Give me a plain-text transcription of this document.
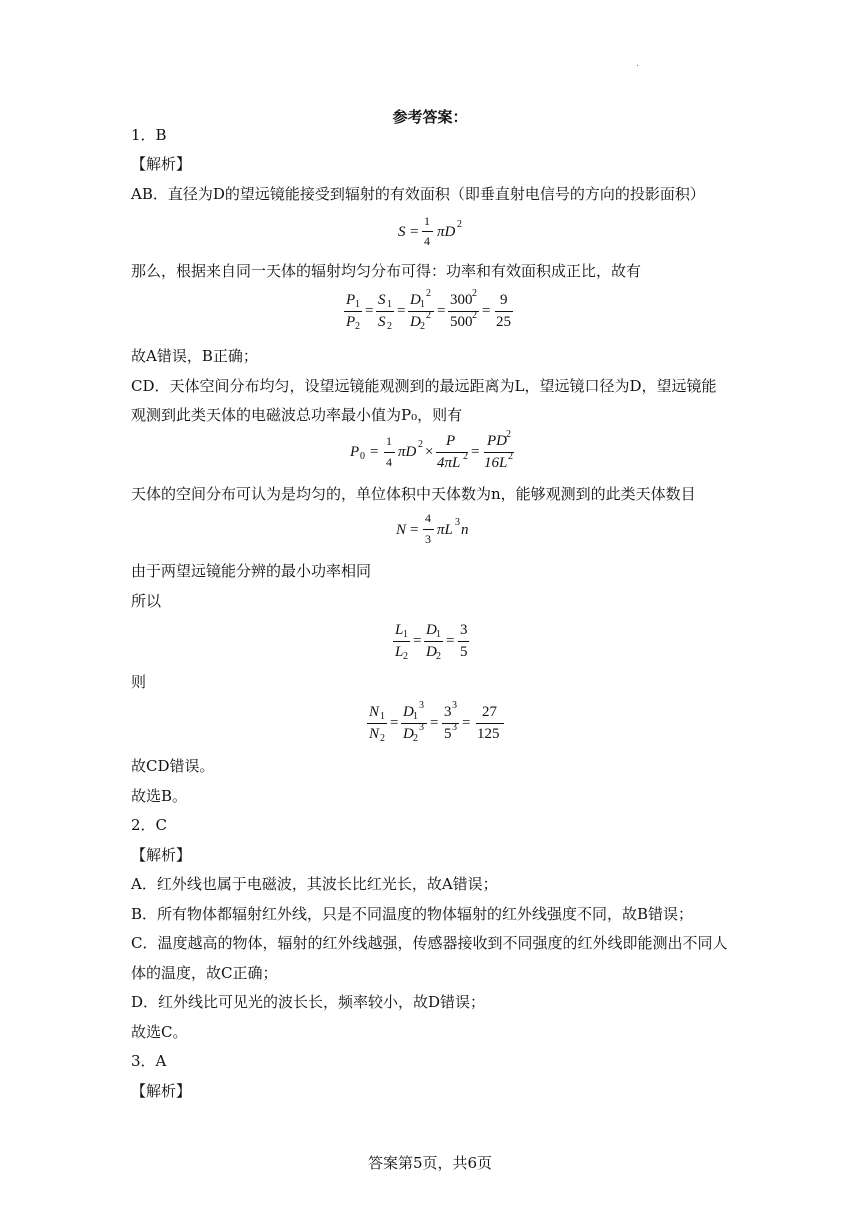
.
参考答案：
1．B
【解析】
AB．直径为D的望远镜能接受到辐射的有效面积（即垂直射电信号的方向的投影面积）
S =
1
4
πD 2
那么，根据来自同一天体的辐射均匀分布可得：功率和有效面积成正比，故有
P 1
P 2
=
S 1
S 2
=
D 1
2
D 2
2 =
300 2
500 2 =
9
25
故A错误，B正确；
CD．天体空间分布均匀，设望远镜能观测到的最远距离为L，望远镜口径为D，望远镜能
观测到此类天体的电磁波总功率最小值为P₀，则有
P 0 =
1
4
πD 2 ×
P
4πL 2 =
PD 2
16L 2
天体的空间分布可认为是均匀的，单位体积中天体数为n，能够观测到的此类天体数目
N =
4
3
πL 3 n
由于两望远镜能分辨的最小功率相同
所以
L 1
L 2
=
D 1
D 2
=
3
5
则
N 1
N 2
=
D 1
3
D 2
3 =
3 3
5 3 =
27
125
故CD错误。
故选B。
2．C
【解析】
A．红外线也属于电磁波，其波长比红光长，故A错误；
B．所有物体都辐射红外线，只是不同温度的物体辐射的红外线强度不同，故B错误；
C．温度越高的物体，辐射的红外线越强，传感器接收到不同强度的红外线即能测出不同人
体的温度，故C正确；
D．红外线比可见光的波长长，频率较小，故D错误；
故选C。
3．A
【解析】
答案第5页，共6页
